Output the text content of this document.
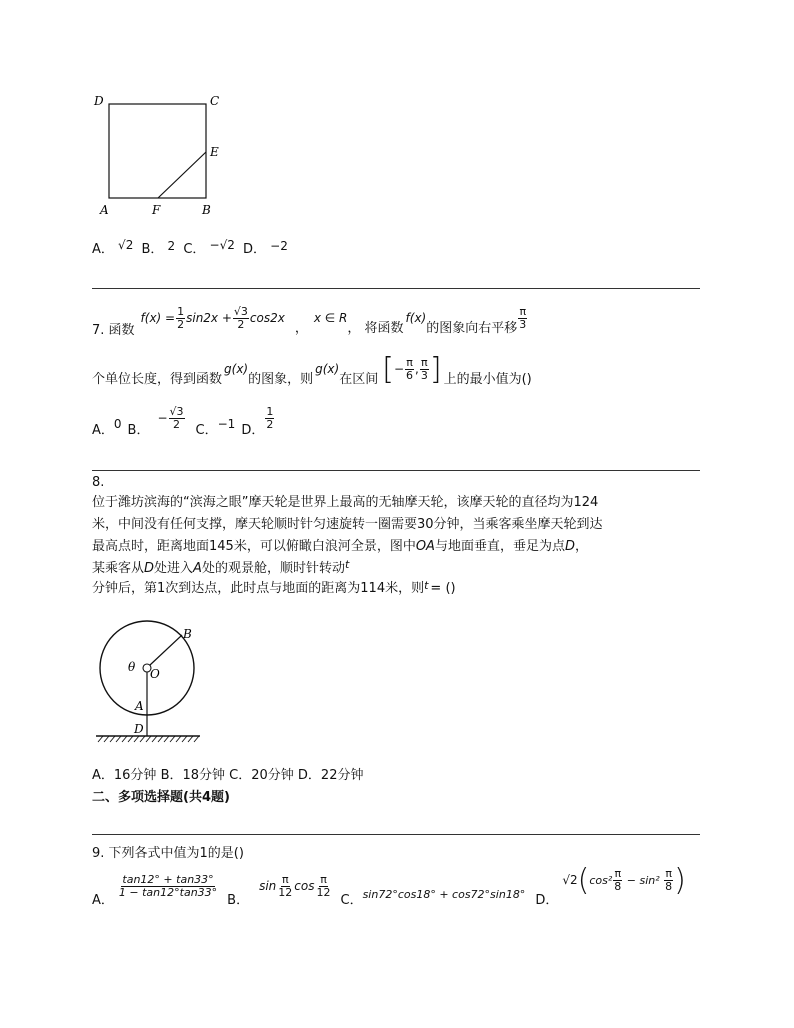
D	C
E
A	F	B
A． √2 B． 2 C． −√2 D． −2
7. 函数
$f(x) = \frac{1}{2} \sin 2x + \frac{√3}{2} \cos 2x$
，
x ∈ R
， 将函数
f(x)
的图象向右平移 $\frac{\pi}{3}$
个单位长度，得到函数
g(x)
的图象，则
g(x)
在区间 [ − $\frac{\pi}{6}$ , $\frac{\pi}{3}$ ] 上的最小值为()
A． 0 B．
− $\frac{√3}{2}$ C． −1 D． $\frac{1}{2}$
8.
位于潍坊滨海的“滨海之眼”摩天轮是世界上最高的无轴摩天轮，该摩天轮的直径均为124
米，中间没有任何支撑，摩天轮顺时针匀速旋转一圈需要30分钟，当乘客乘坐摩天轮到达
最高点时，距离地面145米，可以俯瞰白浪河全景，图中OA与地面垂直，垂足为点D，
某乘客从D处进入A处的观景舱，顺时针转动$^t$
分钟后，第1次到达点，此时点与地面的距离为114米，则$^t$ = ()
B
θ O
A
D
A．16分钟 B．18分钟 C．20分钟 D．22分钟
二、多项选择题(共4题)
9. 下列各式中值为1的是()
A．
$\frac{\tan 12^\circ + \tan 33^\circ}{1 - \tan 12^\circ\tan 33^\circ}$
B．
$\sin \frac{\pi}{12}$ $\cos \frac{\pi}{12}$
C． sin72°cos18° + cos72°sin18° D．
√2 ( $\cos^2 \frac{\pi}{8} - \sin^2 \frac{\pi}{8}$ )
